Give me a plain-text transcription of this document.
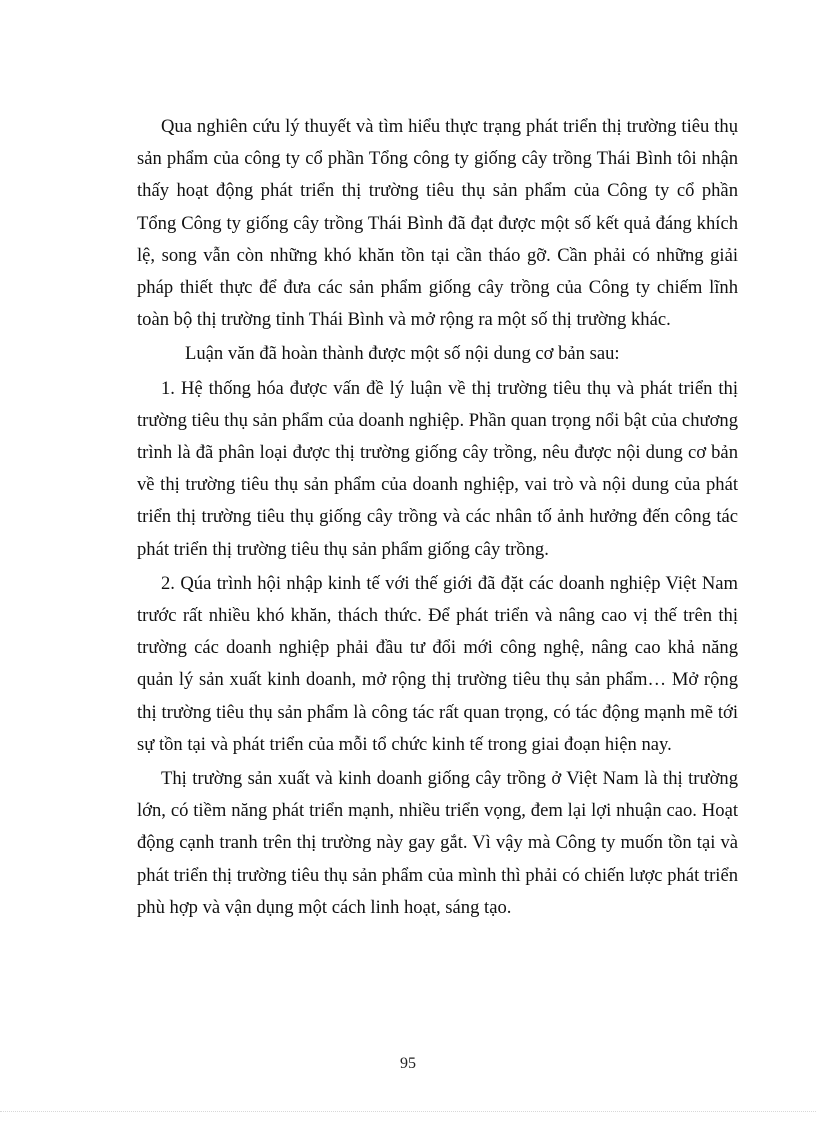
Qua nghiên cứu lý thuyết và tìm hiểu thực trạng phát triển thị trường tiêu thụ sản phẩm của công ty cổ phần Tổng công ty giống cây trồng Thái Bình tôi nhận thấy hoạt động phát triển thị trường tiêu thụ sản phẩm của Công ty cổ phần Tổng Công ty giống cây trồng Thái Bình đã đạt được một số kết quả đáng khích lệ, song vẫn còn những khó khăn tồn tại cần tháo gỡ. Cần phải có những giải pháp thiết thực để đưa các sản phẩm giống cây trồng của Công ty chiếm lĩnh toàn bộ thị trường tỉnh Thái Bình và mở rộng ra một số thị trường khác.

Luận văn đã hoàn thành được một số nội dung cơ bản sau:

1. Hệ thống hóa được vấn đề lý luận về thị trường tiêu thụ và phát triển thị trường tiêu thụ sản phẩm của doanh nghiệp. Phần quan trọng nổi bật của chương trình là đã phân loại được thị trường giống cây trồng, nêu được nội dung cơ bản về thị trường tiêu thụ sản phẩm của doanh nghiệp, vai trò và nội dung của phát triển thị trường tiêu thụ giống cây trồng và các nhân tố ảnh hưởng đến công tác phát triển thị trường tiêu thụ sản phẩm giống cây trồng.

2. Qúa trình hội nhập kinh tế với thế giới đã đặt các doanh nghiệp Việt Nam trước rất nhiều khó khăn, thách thức. Để phát triển và nâng cao vị thế trên thị trường các doanh nghiệp phải đầu tư đổi mới công nghệ, nâng cao khả năng quản lý sản xuất kinh doanh, mở rộng thị trường tiêu thụ sản phẩm… Mở rộng thị trường tiêu thụ sản phẩm là công tác rất quan trọng, có tác động mạnh mẽ tới sự tồn tại và phát triển của mỗi tổ chức kinh tế trong giai đoạn hiện nay.

Thị trường sản xuất và kinh doanh giống cây trồng ở Việt Nam là thị trường lớn, có tiềm năng phát triển mạnh, nhiều triển vọng, đem lại lợi nhuận cao. Hoạt động cạnh tranh trên thị trường này gay gắt. Vì vậy mà Công ty muốn tồn tại và phát triển thị trường tiêu thụ sản phẩm của mình thì phải có chiến lược phát triển phù hợp và vận dụng một cách linh hoạt, sáng tạo.

95
